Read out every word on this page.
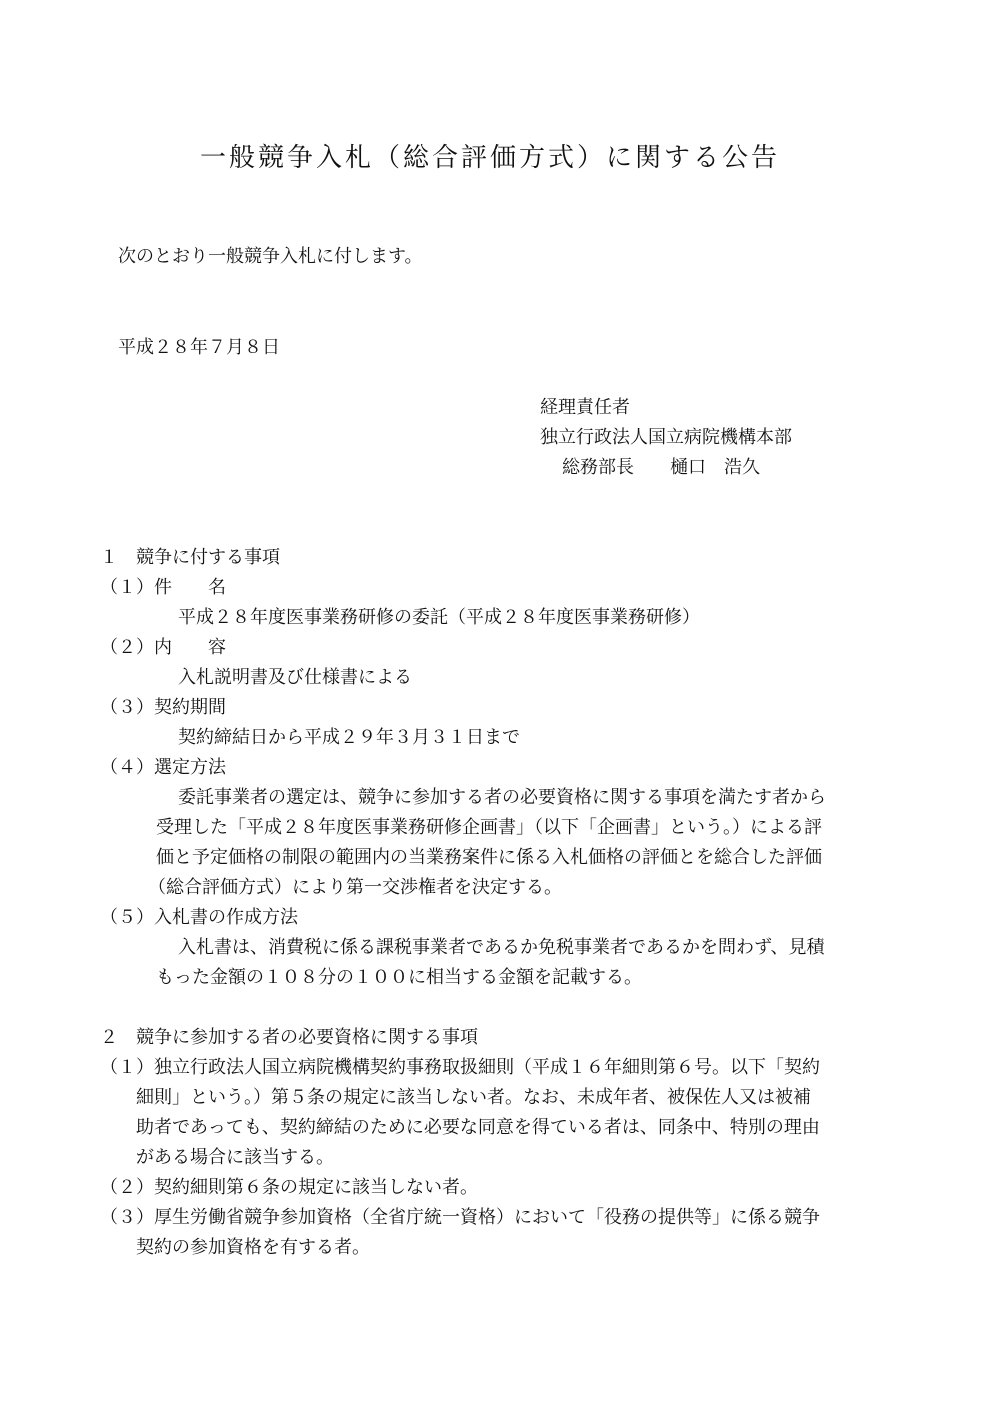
一般競争入札（総合評価方式）に関する公告
次のとおり一般競争入札に付します。
平成２８年７月８日
経理責任者
独立行政法人国立病院機構本部
総務部長　　樋口　浩久
１　競争に付する事項
（１）件　　名
平成２８年度医事業務研修の委託（平成２８年度医事業務研修）
（２）内　　容
入札説明書及び仕様書による
（３）契約期間
契約締結日から平成２９年３月３１日まで
（４）選定方法
委託事業者の選定は、競争に参加する者の必要資格に関する事項を満たす者から
受理した「平成２８年度医事業務研修企画書」（以下「企画書」という。）による評
価と予定価格の制限の範囲内の当業務案件に係る入札価格の評価とを総合した評価
（総合評価方式）により第一交渉権者を決定する。
（５）入札書の作成方法
入札書は、消費税に係る課税事業者であるか免税事業者であるかを問わず、見積
もった金額の１０８分の１００に相当する金額を記載する。
２　競争に参加する者の必要資格に関する事項
（１）独立行政法人国立病院機構契約事務取扱細則（平成１６年細則第６号。以下「契約
細則」という。）第５条の規定に該当しない者。なお、未成年者、被保佐人又は被補
助者であっても、契約締結のために必要な同意を得ている者は、同条中、特別の理由
がある場合に該当する。
（２）契約細則第６条の規定に該当しない者。
（３）厚生労働省競争参加資格（全省庁統一資格）において「役務の提供等」に係る競争
契約の参加資格を有する者。
